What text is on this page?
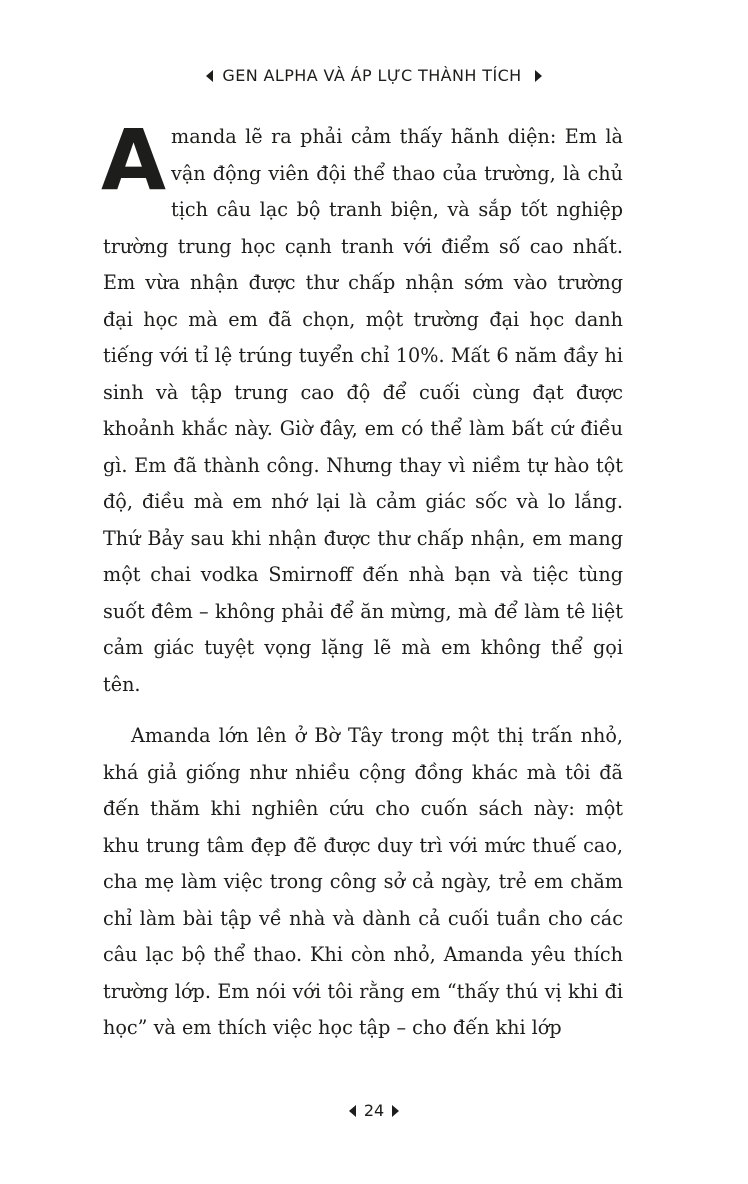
GEN ALPHA VÀ ÁP LỰC THÀNH TÍCH

Amanda lẽ ra phải cảm thấy hãnh diện: Em là vận động viên đội thể thao của trường, là chủ tịch câu lạc bộ tranh biện, và sắp tốt nghiệp trường trung học cạnh tranh với điểm số cao nhất. Em vừa nhận được thư chấp nhận sớm vào trường đại học mà em đã chọn, một trường đại học danh tiếng với tỉ lệ trúng tuyển chỉ 10%. Mất 6 năm đầy hi sinh và tập trung cao độ để cuối cùng đạt được khoảnh khắc này. Giờ đây, em có thể làm bất cứ điều gì. Em đã thành công. Nhưng thay vì niềm tự hào tột độ, điều mà em nhớ lại là cảm giác sốc và lo lắng. Thứ Bảy sau khi nhận được thư chấp nhận, em mang một chai vodka Smirnoff đến nhà bạn và tiệc tùng suốt đêm – không phải để ăn mừng, mà để làm tê liệt cảm giác tuyệt vọng lặng lẽ mà em không thể gọi tên.

Amanda lớn lên ở Bờ Tây trong một thị trấn nhỏ, khá giả giống như nhiều cộng đồng khác mà tôi đã đến thăm khi nghiên cứu cho cuốn sách này: một khu trung tâm đẹp đẽ được duy trì với mức thuế cao, cha mẹ làm việc trong công sở cả ngày, trẻ em chăm chỉ làm bài tập về nhà và dành cả cuối tuần cho các câu lạc bộ thể thao. Khi còn nhỏ, Amanda yêu thích trường lớp. Em nói với tôi rằng em “thấy thú vị khi đi học” và em thích việc học tập – cho đến khi lớp

24
